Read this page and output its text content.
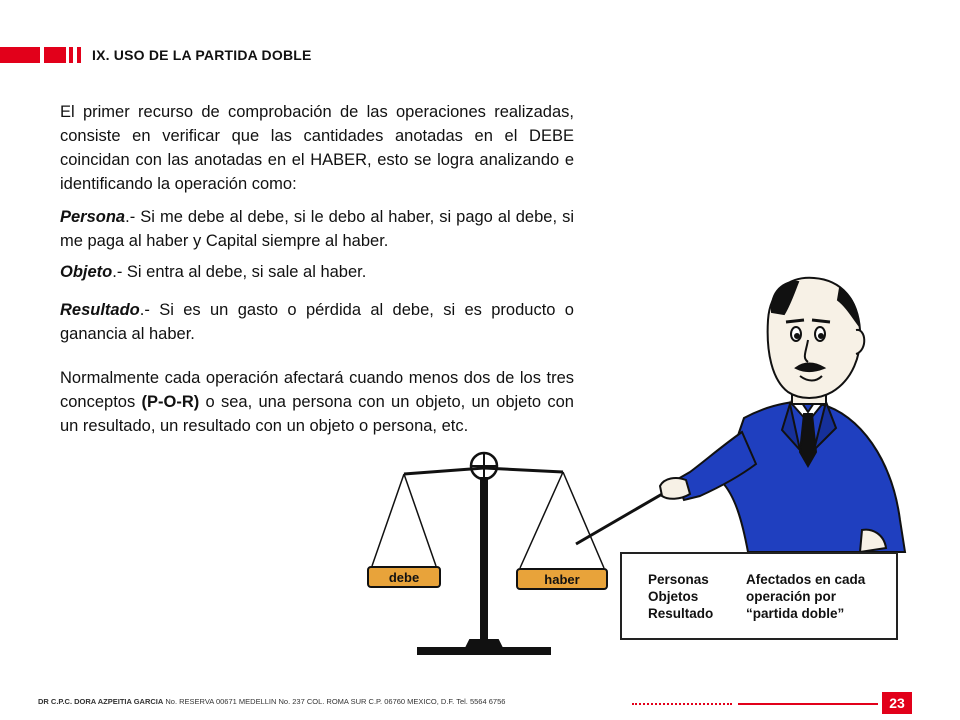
IX. USO DE LA PARTIDA DOBLE
El primer recurso de comprobación de las operaciones realizadas, consiste en verificar que las cantidades anotadas en el DEBE coincidan con las anotadas en el HABER, esto se logra analizando e identificando la operación como:
Persona.- Si me debe al debe, si le debo al haber, si pago al debe, si me paga al haber y Capital siempre al haber.
Objeto.- Si entra al debe, si sale al haber.
Resultado.- Si es un gasto o pérdida al debe, si es producto o ganancia al haber.
Normalmente cada operación afectará cuando menos dos de los tres conceptos (P-O-R) o sea, una persona con un objeto, un objeto con un resultado, un resultado con un objeto o persona, etc.
debe	haber	Personas
Objetos
Resultado
Afectados en cada
operación por
“partida doble”
DR C.P.C. DORA AZPEITIA GARCIA No. RESERVA 00671 MEDELLIN No. 237 COL. ROMA SUR C.P. 06760 MEXICO, D.F. Tel. 5564 6756	23
